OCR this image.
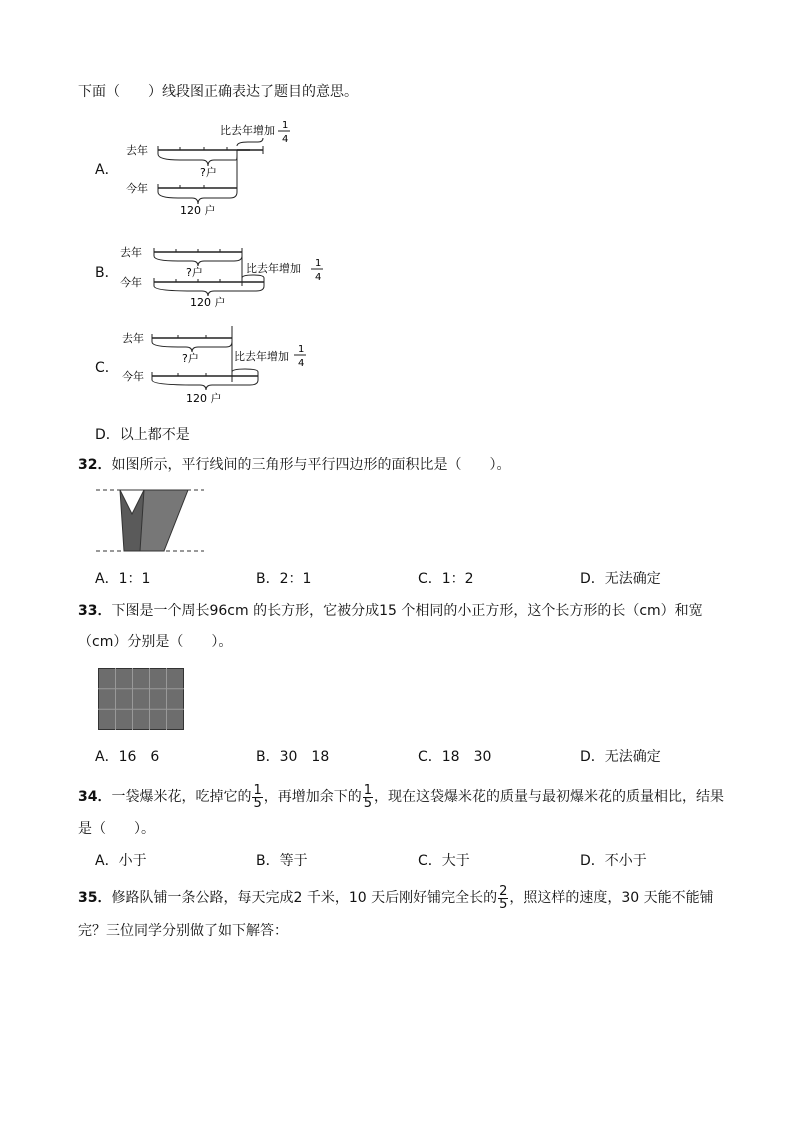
下面（　　）线段图正确表达了题目的意思。
A．
去年
?户
比去年增加 1
4
今年
120 户
B．
去年
?户	比去年增加 1
4
今年
120 户
C．
去年
?户	比去年增加
1
4
今年
120 户
D．以上都不是
32．如图所示，平行线间的三角形与平行四边形的面积比是（　　）。
A．1：1	B．2：1	C．1：2	D．无法确定
33．下图是一个周长96cm 的长方形，它被分成15 个相同的小正方形，这个长方形的长（cm）和宽
（cm）分别是（　　）。
A．16　6	B．30　18	C．18　30	D．无法确定
34．一袋爆米花，吃掉它的 $\frac{1}{5}$ ，再增加余下的 $\frac{1}{5}$ ，现在这袋爆米花的质量与最初爆米花的质量相比，结果
是（　　）。
A．小于	B．等于	C．大于	D．不小于
35．修路队铺一条公路，每天完成2 千米，10 天后刚好铺完全长的 $\frac{2}{5}$ ，照这样的速度，30 天能不能铺
完？三位同学分别做了如下解答：
